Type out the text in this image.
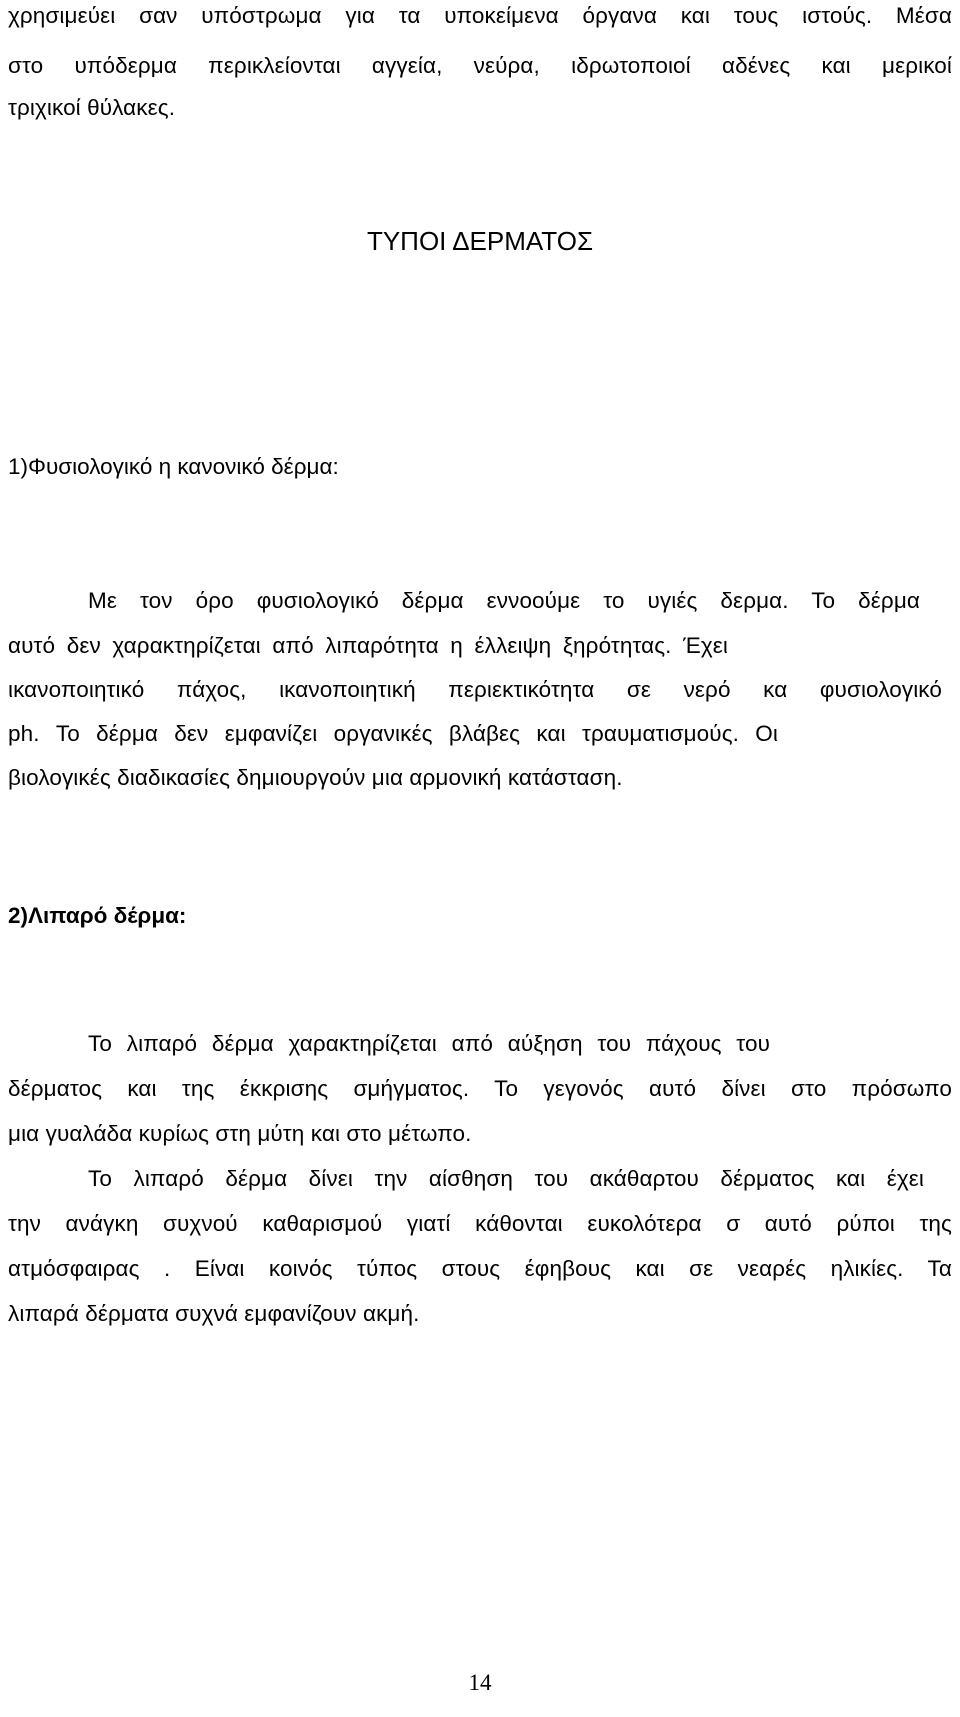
χρησιμεύει σαν υπόστρωμα για τα υποκείμενα όργανα και τους ιστούς. Μέσα
στο υπόδερμα περικλείονται αγγεία, νεύρα, ιδρωτοποιοί αδένες και μερικοί
τριχικοί θύλακες.
ΤΥΠΟΙ ΔΕΡΜΑΤΟΣ
1)Φυσιολογικό η κανονικό δέρμα:
Με τον όρο φυσιολογικό δέρμα εννοούμε το υγιές δερμα. Το δέρμα
αυτό δεν χαρακτηρίζεται από λιπαρότητα η έλλειψη ξηρότητας. Έχει
ικανοποιητικό πάχος, ικανοποιητική περιεκτικότητα σε νερό κα φυσιολογικό
ph. Το δέρμα δεν εμφανίζει οργανικές βλάβες και τραυματισμούς. Οι
βιολογικές διαδικασίες δημιουργούν μια αρμονική κατάσταση.
2)Λιπαρό δέρμα:
Το λιπαρό δέρμα χαρακτηρίζεται από αύξηση του πάχους του
δέρματος και της έκκρισης σμήγματος. Το γεγονός αυτό δίνει στο πρόσωπο
μια γυαλάδα κυρίως στη μύτη και στο μέτωπο.
Το λιπαρό δέρμα δίνει την αίσθηση του ακάθαρτου δέρματος και έχει
την ανάγκη συχνού καθαρισμού γιατί κάθονται ευκολότερα σ αυτό ρύποι της
ατμόσφαιρας . Είναι κοινός τύπος στους έφηβους και σε νεαρές ηλικίες. Τα
λιπαρά δέρματα συχνά εμφανίζουν ακμή.
14
